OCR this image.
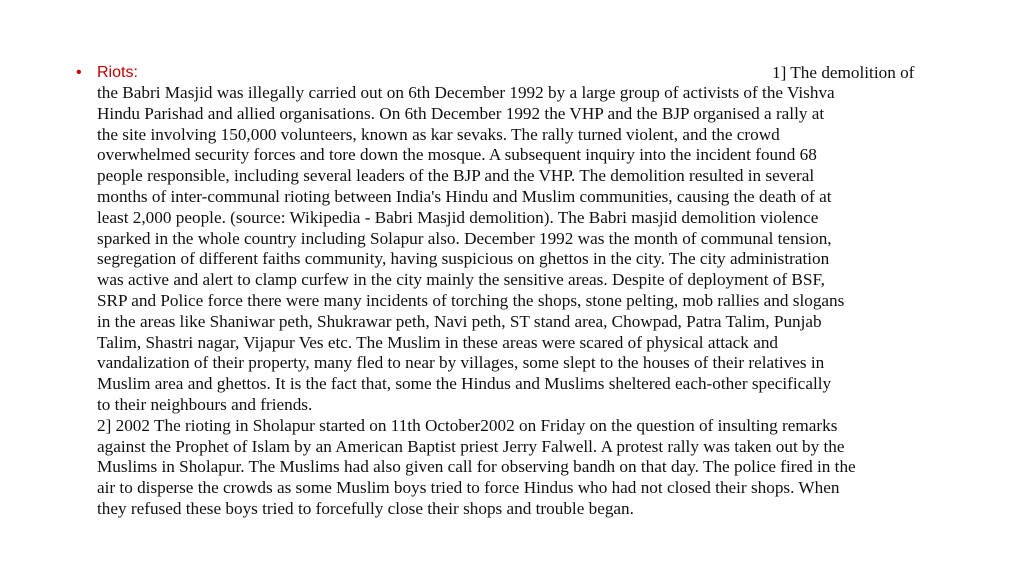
• Riots:	1] The demolition of
the Babri Masjid was illegally carried out on 6th December 1992 by a large group of activists of the Vishva
Hindu Parishad and allied organisations. On 6th December 1992 the VHP and the BJP organised a rally at
the site involving 150,000 volunteers, known as kar sevaks. The rally turned violent, and the crowd
overwhelmed security forces and tore down the mosque. A subsequent inquiry into the incident found 68
people responsible, including several leaders of the BJP and the VHP. The demolition resulted in several
months of inter-communal rioting between India's Hindu and Muslim communities, causing the death of at
least 2,000 people. (source: Wikipedia - Babri Masjid demolition). The Babri masjid demolition violence
sparked in the whole country including Solapur also. December 1992 was the month of communal tension,
segregation of different faiths community, having suspicious on ghettos in the city. The city administration
was active and alert to clamp curfew in the city mainly the sensitive areas. Despite of deployment of BSF,
SRP and Police force there were many incidents of torching the shops, stone pelting, mob rallies and slogans
in the areas like Shaniwar peth, Shukrawar peth, Navi peth, ST stand area, Chowpad, Patra Talim, Punjab
Talim, Shastri nagar, Vijapur Ves etc. The Muslim in these areas were scared of physical attack and
vandalization of their property, many fled to near by villages, some slept to the houses of their relatives in
Muslim area and ghettos. It is the fact that, some the Hindus and Muslims sheltered each-other specifically
to their neighbours and friends.
2] 2002 The rioting in Sholapur started on 11th October2002 on Friday on the question of insulting remarks
against the Prophet of Islam by an American Baptist priest Jerry Falwell. A protest rally was taken out by the
Muslims in Sholapur. The Muslims had also given call for observing bandh on that day. The police fired in the
air to disperse the crowds as some Muslim boys tried to force Hindus who had not closed their shops. When
they refused these boys tried to forcefully close their shops and trouble began.
